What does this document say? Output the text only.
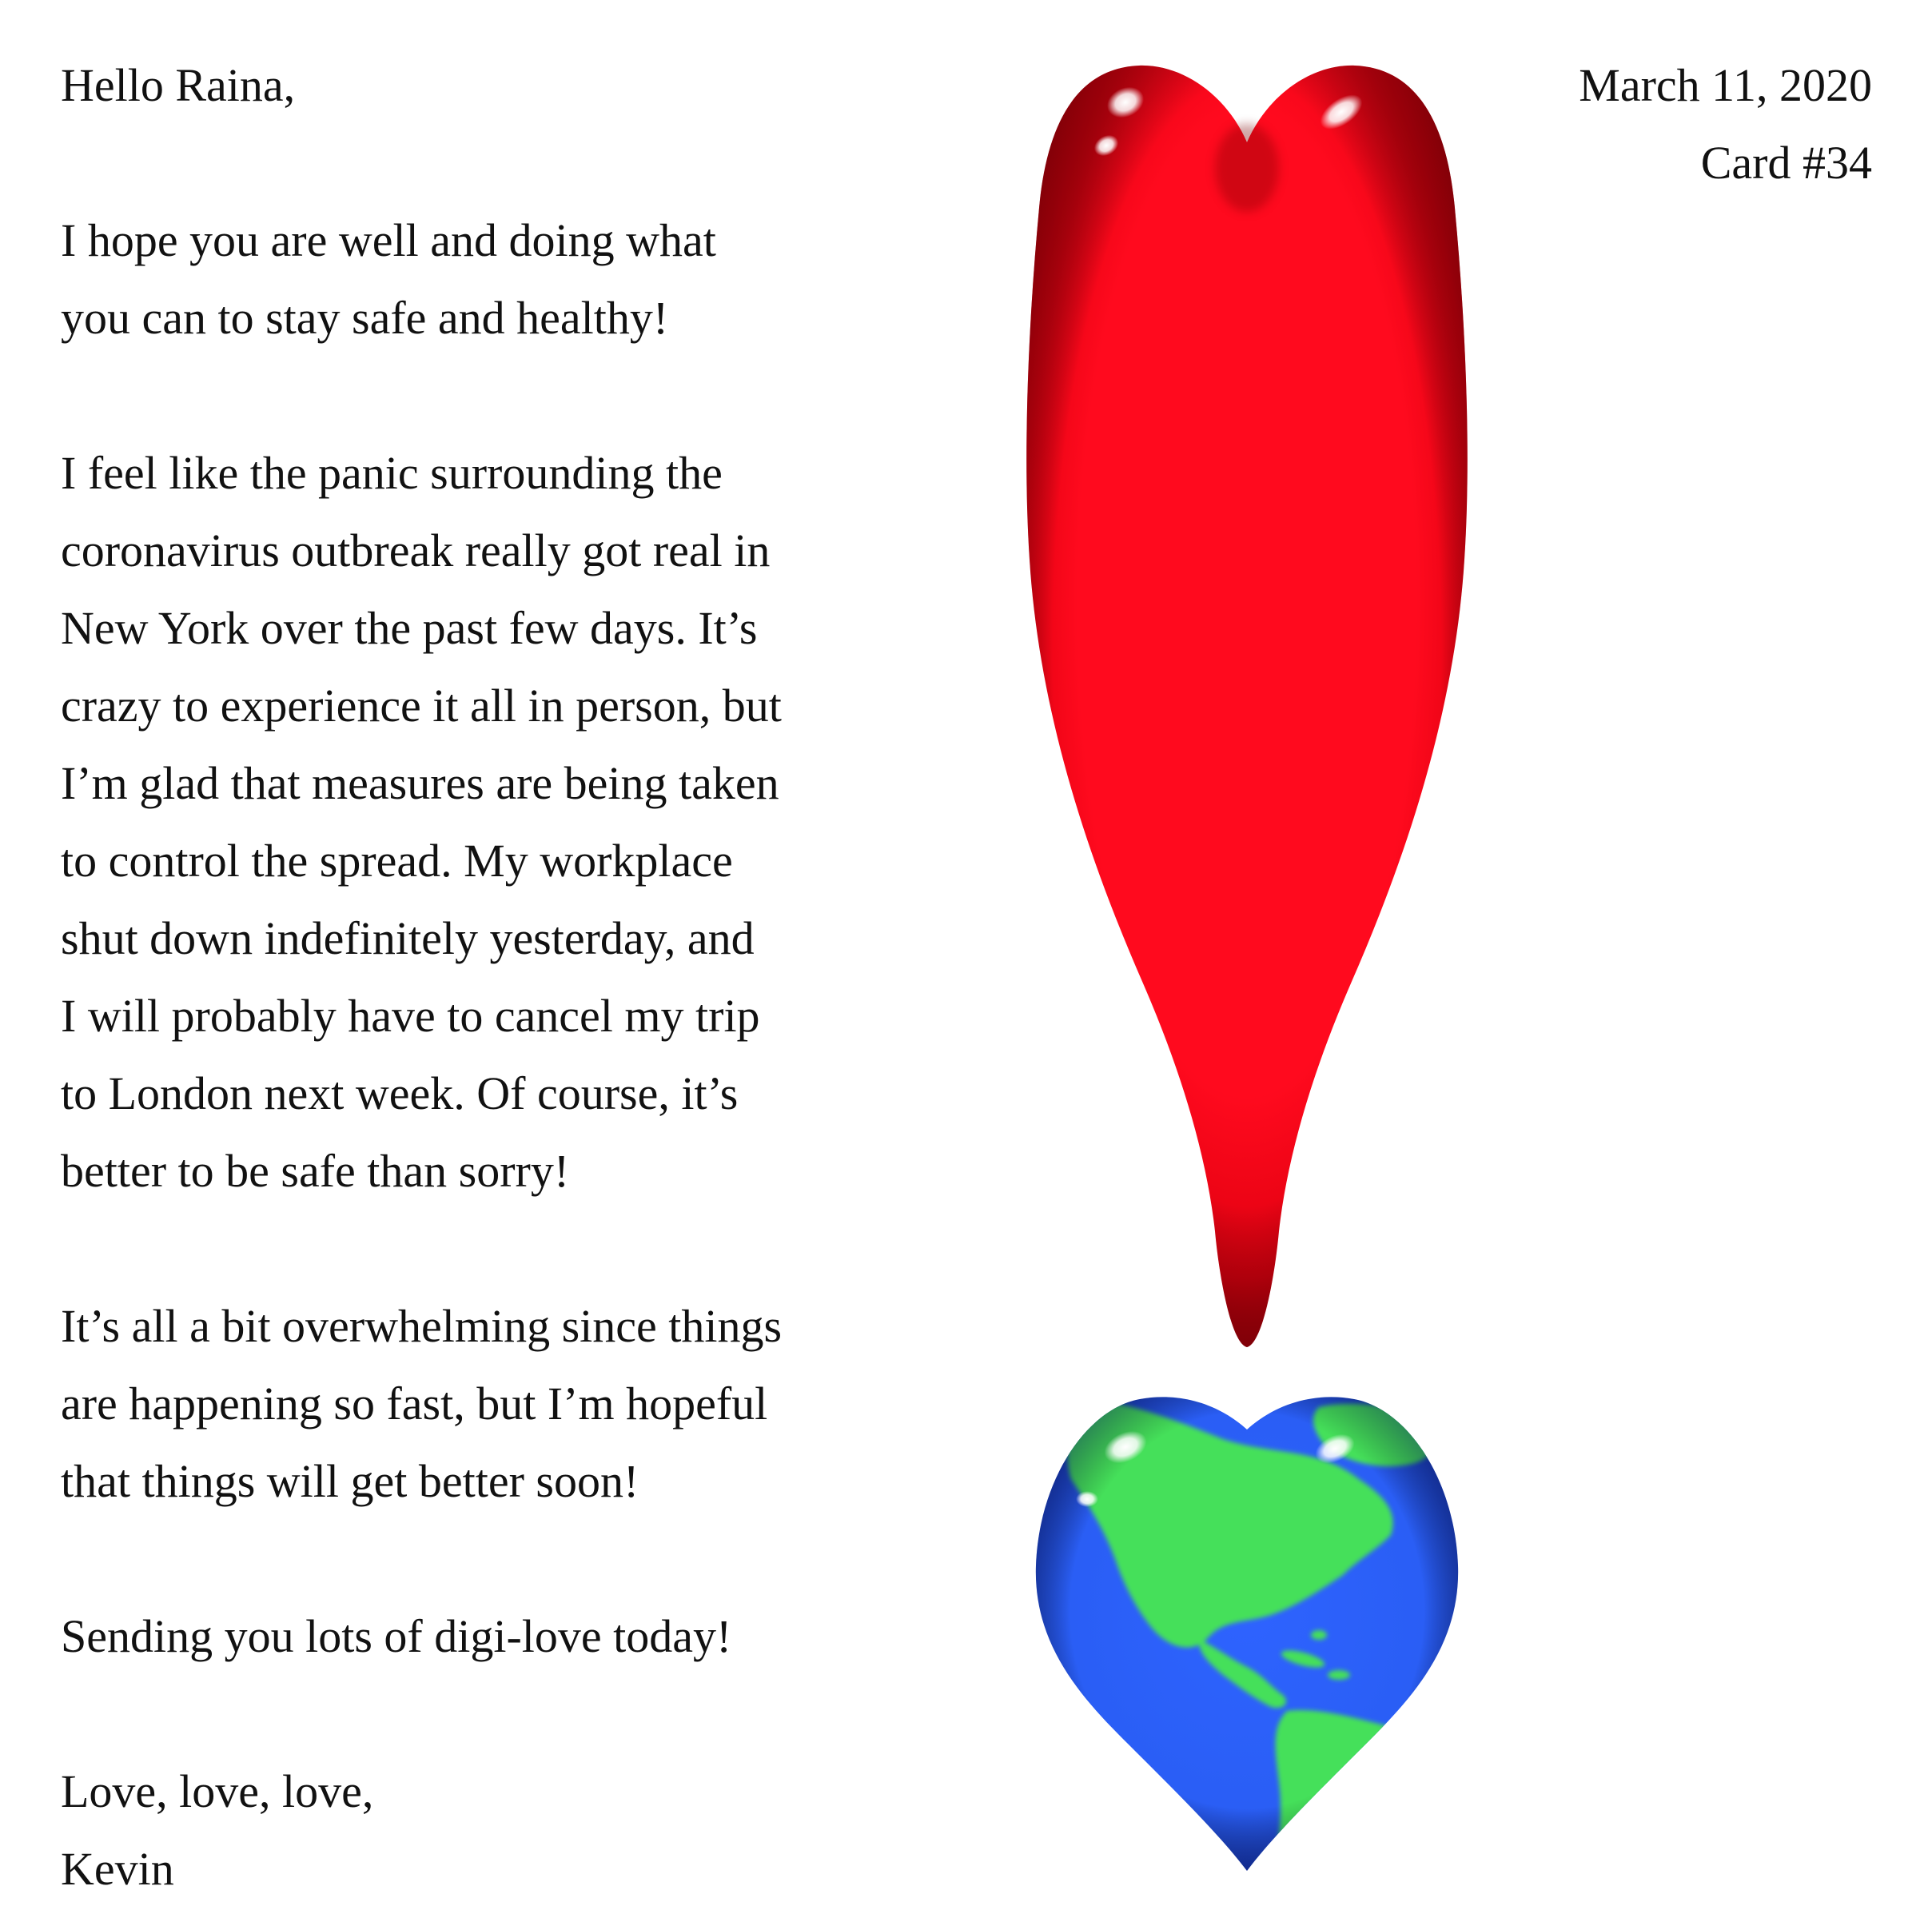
Hello Raina,

I hope you are well and doing what
you can to stay safe and healthy!

I feel like the panic surrounding the
coronavirus outbreak really got real in
New York over the past few days. It’s
crazy to experience it all in person, but
I’m glad that measures are being taken
to control the spread. My workplace
shut down indefinitely yesterday, and
I will probably have to cancel my trip
to London next week. Of course, it’s
better to be safe than sorry!

It’s all a bit overwhelming since things
are happening so fast, but I’m hopeful
that things will get better soon!

Sending you lots of digi-love today!

Love, love, love,
Kevin

March 11, 2020
Card #34
